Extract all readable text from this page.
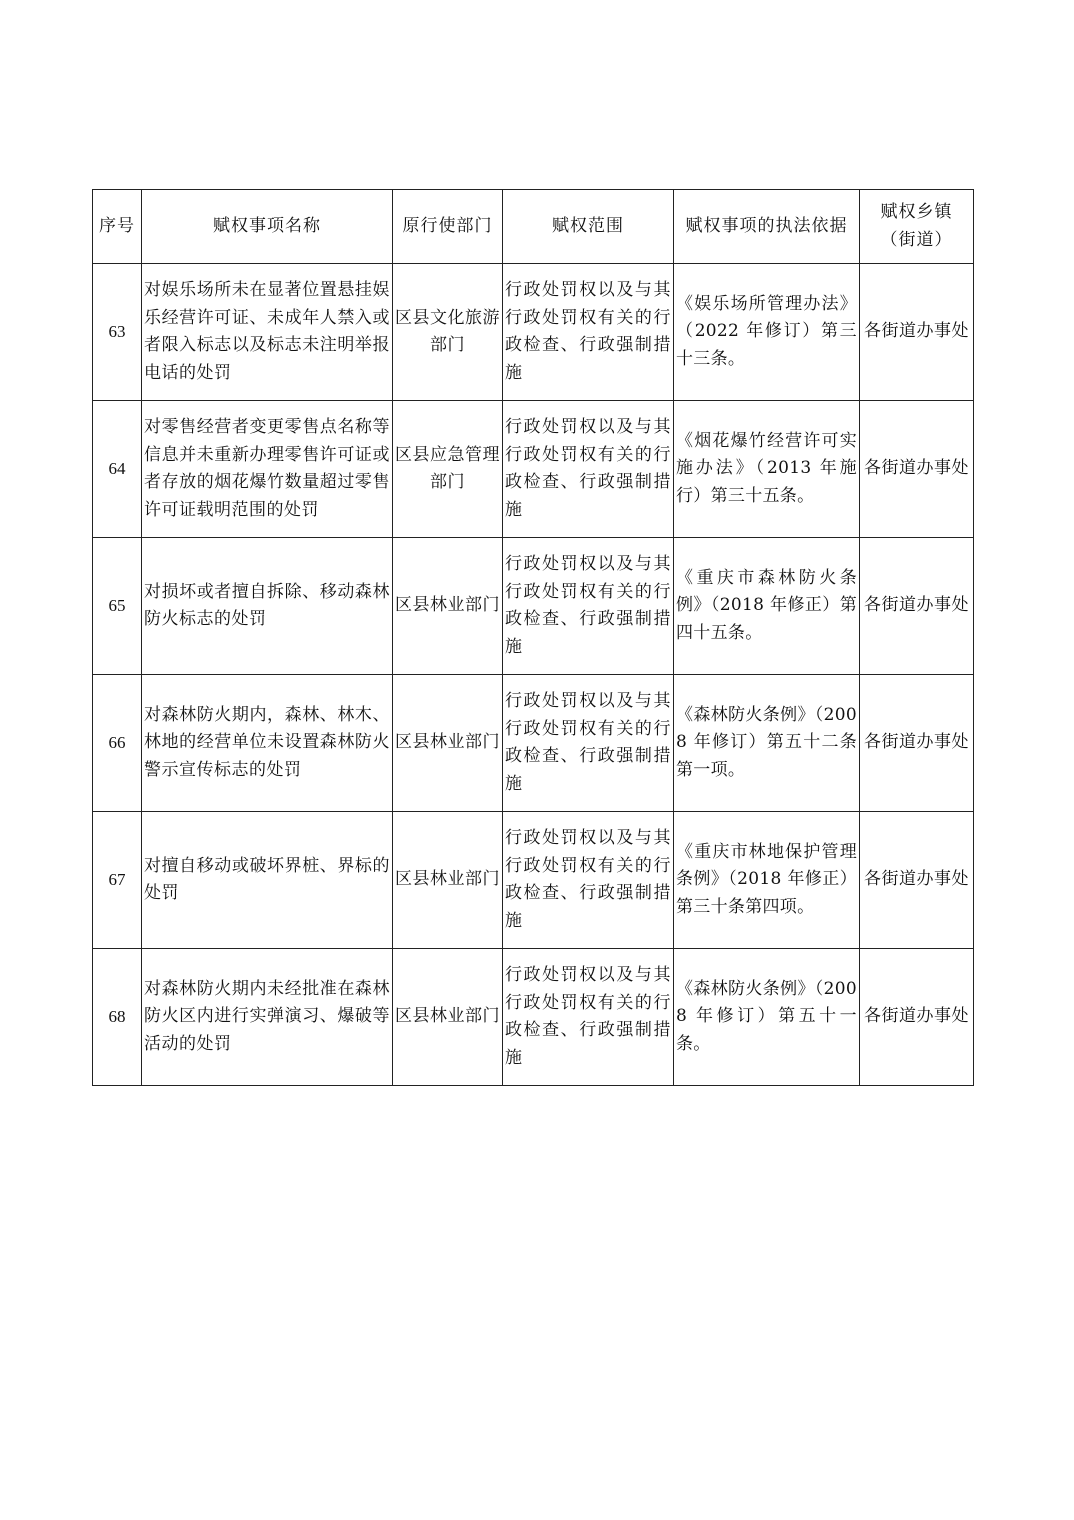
序号	赋权事项名称	原行使部门	赋权范围	赋权事项的执法依据	赋权乡镇
（街道）

63	对娱乐场所未在显著位置悬挂娱乐经营许可证、未成年人禁入或者限入标志以及标志未注明举报电话的处罚	区县文化旅游部门	行政处罚权以及与其行政处罚权有关的行政检查、行政强制措施	《娱乐场所管理办法》（2022 年修订）第三十三条。	各街道办事处
64	对零售经营者变更零售点名称等信息并未重新办理零售许可证或者存放的烟花爆竹数量超过零售许可证载明范围的处罚	区县应急管理部门	行政处罚权以及与其行政处罚权有关的行政检查、行政强制措施	《烟花爆竹经营许可实施办法》（2013 年施行）第三十五条。	各街道办事处
65	对损坏或者擅自拆除、移动森林防火标志的处罚	区县林业部门	行政处罚权以及与其行政处罚权有关的行政检查、行政强制措施	《重庆市森林防火条例》（2018 年修正）第四十五条。	各街道办事处
66	对森林防火期内，森林、林木、林地的经营单位未设置森林防火警示宣传标志的处罚	区县林业部门	行政处罚权以及与其行政处罚权有关的行政检查、行政强制措施	《森林防火条例》（2008 年修订）第五十二条第一项。	各街道办事处
67	对擅自移动或破坏界桩、界标的处罚	区县林业部门	行政处罚权以及与其行政处罚权有关的行政检查、行政强制措施	《重庆市林地保护管理条例》（2018 年修正）第三十条第四项。	各街道办事处
68	对森林防火期内未经批准在森林防火区内进行实弹演习、爆破等活动的处罚	区县林业部门	行政处罚权以及与其行政处罚权有关的行政检查、行政强制措施	《森林防火条例》（2008 年修订）第五十一条。	各街道办事处
